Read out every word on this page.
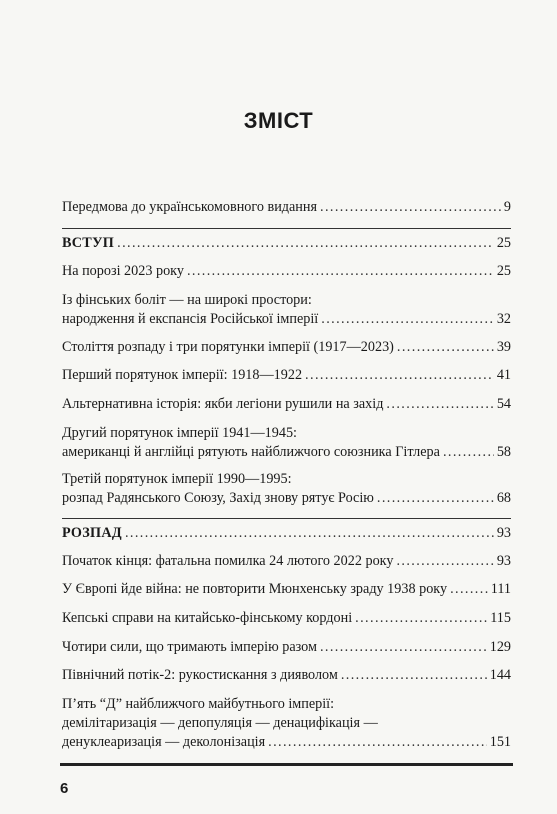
ЗМІСТ
Передмова до українськомовного видання .....	9
ВСТУП .....	25
На порозі 2023 року .....	25
Із фінських боліт — на широкі простори:
народження й експансія Російської імперії .....	32
Століття розпаду і три порятунки імперії (1917—2023) .....	39
Перший порятунок імперії: 1918—1922 .....	41
Альтернативна історія: якби легіони рушили на захід .....	54
Другий порятунок імперії 1941—1945:
американці й англійці рятують найближчого союзника Гітлера .....	58
Третій порятунок імперії 1990—1995:
розпад Радянського Союзу, Захід знову рятує Росію .....	68
РОЗПАД .....	93
Початок кінця: фатальна помилка 24 лютого 2022 року .....	93
У Європі йде війна: не повторити Мюнхенську зраду 1938 року .....	111
Кепські справи на китайсько-фінському кордоні .....	115
Чотири сили, що тримають імперію разом .....	129
Північний потік-2: рукостискання з дияволом .....	144
П’ять “Д” найближчого майбутнього імперії:
демілітаризація — депопуляція — денацифікація —
денуклеаризація — деколонізація .....	151
6
